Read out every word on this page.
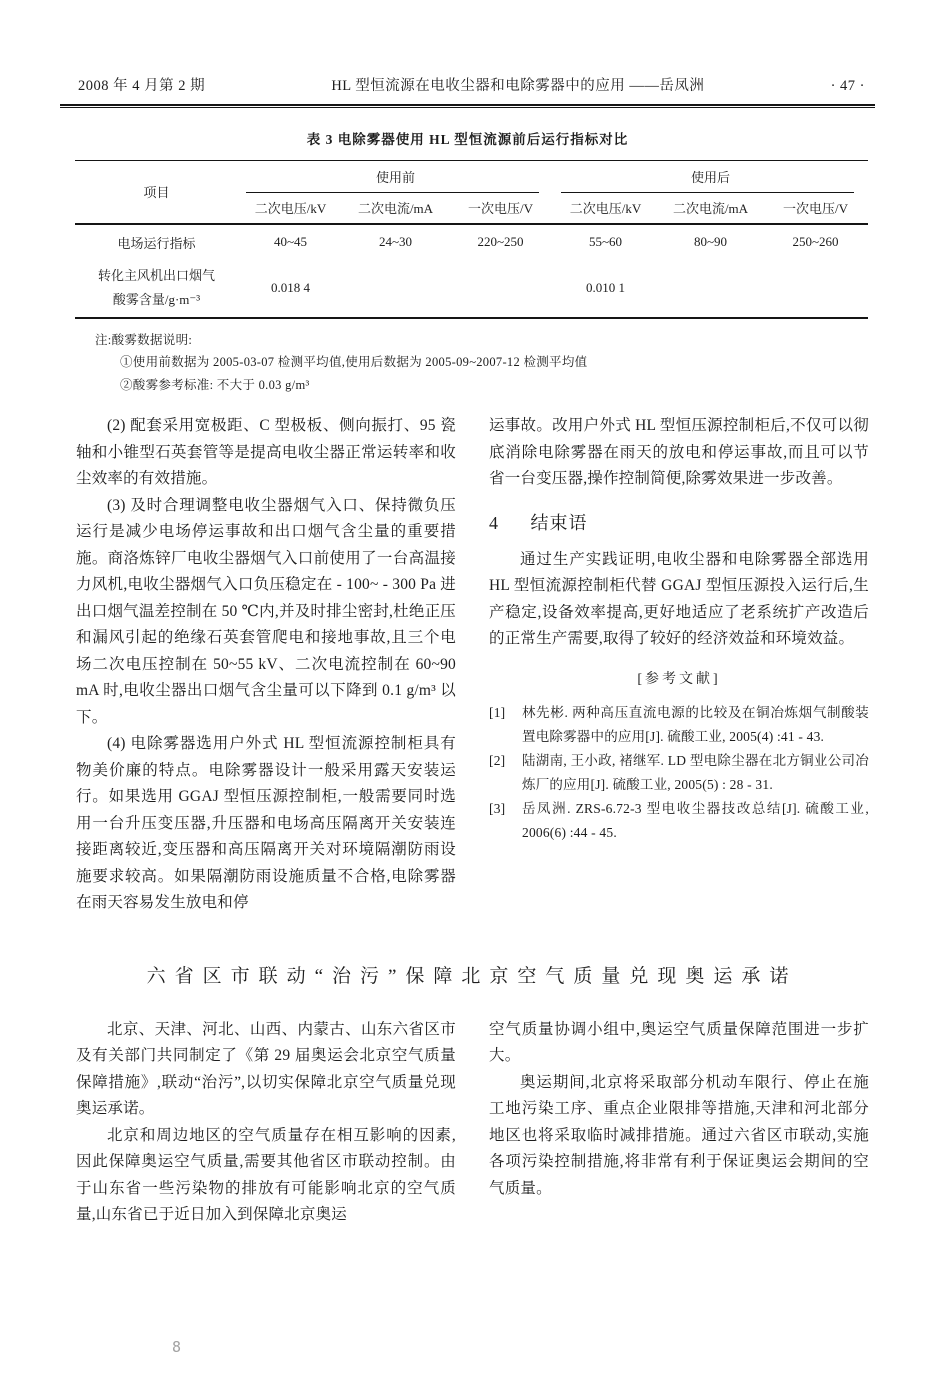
2008 年 4 月第 2 期	HL 型恒流源在电收尘器和电除雾器中的应用 ——岳凤洲	· 47 ·
表 3 电除雾器使用 HL 型恒流源前后运行指标对比
项目	使用前			使用后		
	二次电压/kV	二次电流/mA	一次电压/V	二次电压/kV	二次电流/mA	一次电压/V
电场运行指标	40~45	24~30	220~250	55~60	80~90	250~260

转化主风机出口烟气
酸雾含量/g·m⁻³	0.018 4			0.010 1		
注:酸雾数据说明:
①使用前数据为 2005-03-07 检测平均值,使用后数据为 2005-09~2007-12 检测平均值
②酸雾参考标准: 不大于 0.03 g/m³

(2) 配套采用宽极距、C 型极板、侧向振打、95 瓷轴和小锥型石英套管等是提高电收尘器正常运转率和收尘效率的有效措施。

(3) 及时合理调整电收尘器烟气入口、保持微负压运行是减少电场停运事故和出口烟气含尘量的重要措施。商洛炼锌厂电收尘器烟气入口前使用了一台高温接力风机,电收尘器烟气入口负压稳定在 - 100~ - 300 Pa 进出口烟气温差控制在 50 ℃内,并及时排尘密封,杜绝正压和漏风引起的绝缘石英套管爬电和接地事故,且三个电场二次电压控制在 50~55 kV、二次电流控制在 60~90 mA 时,电收尘器出口烟气含尘量可以下降到 0.1 g/m³ 以下。

(4) 电除雾器选用户外式 HL 型恒流源控制柜具有物美价廉的特点。电除雾器设计一般采用露天安装运行。如果选用 GGAJ 型恒压源控制柜,一般需要同时选用一台升压变压器,升压器和电场高压隔离开关安装连接距离较近,变压器和高压隔离开关对环境隔潮防雨设施要求较高。如果隔潮防雨设施质量不合格,电除雾器在雨天容易发生放电和停

运事故。改用户外式 HL 型恒压源控制柜后,不仅可以彻底消除电除雾器在雨天的放电和停运事故,而且可以节省一台变压器,操作控制简便,除雾效果进一步改善。

4 结束语

通过生产实践证明,电收尘器和电除雾器全部选用 HL 型恒流源控制柜代替 GGAJ 型恒压源投入运行后,生产稳定,设备效率提高,更好地适应了老系统扩产改造后的正常生产需要,取得了较好的经济效益和环境效益。

[参考文献]
[1]	林先彬. 两种高压直流电源的比较及在铜冶炼烟气制酸装置电除雾器中的应用[J]. 硫酸工业, 2005(4) :41 - 43.
[2]	陆湖南, 王小政, 褚继军. LD 型电除尘器在北方铜业公司冶炼厂的应用[J]. 硫酸工业, 2005(5) : 28 - 31.
[3]	岳凤洲. ZRS-6.72-3 型电收尘器技改总结[J]. 硫酸工业, 2006(6) :44 - 45.
六省区市联动“治污”保障北京空气质量兑现奥运承诺

北京、天津、河北、山西、内蒙古、山东六省区市及有关部门共同制定了《第 29 届奥运会北京空气质量保障措施》,联动“治污”,以切实保障北京空气质量兑现奥运承诺。

北京和周边地区的空气质量存在相互影响的因素,因此保障奥运空气质量,需要其他省区市联动控制。由于山东省一些污染物的排放有可能影响北京的空气质量,山东省已于近日加入到保障北京奥运

空气质量协调小组中,奥运空气质量保障范围进一步扩大。

奥运期间,北京将采取部分机动车限行、停止在施工地污染工序、重点企业限排等措施,天津和河北部分地区也将采取临时减排措施。通过六省区市联动,实施各项污染控制措施,将非常有利于保证奥运会期间的空气质量。

8
